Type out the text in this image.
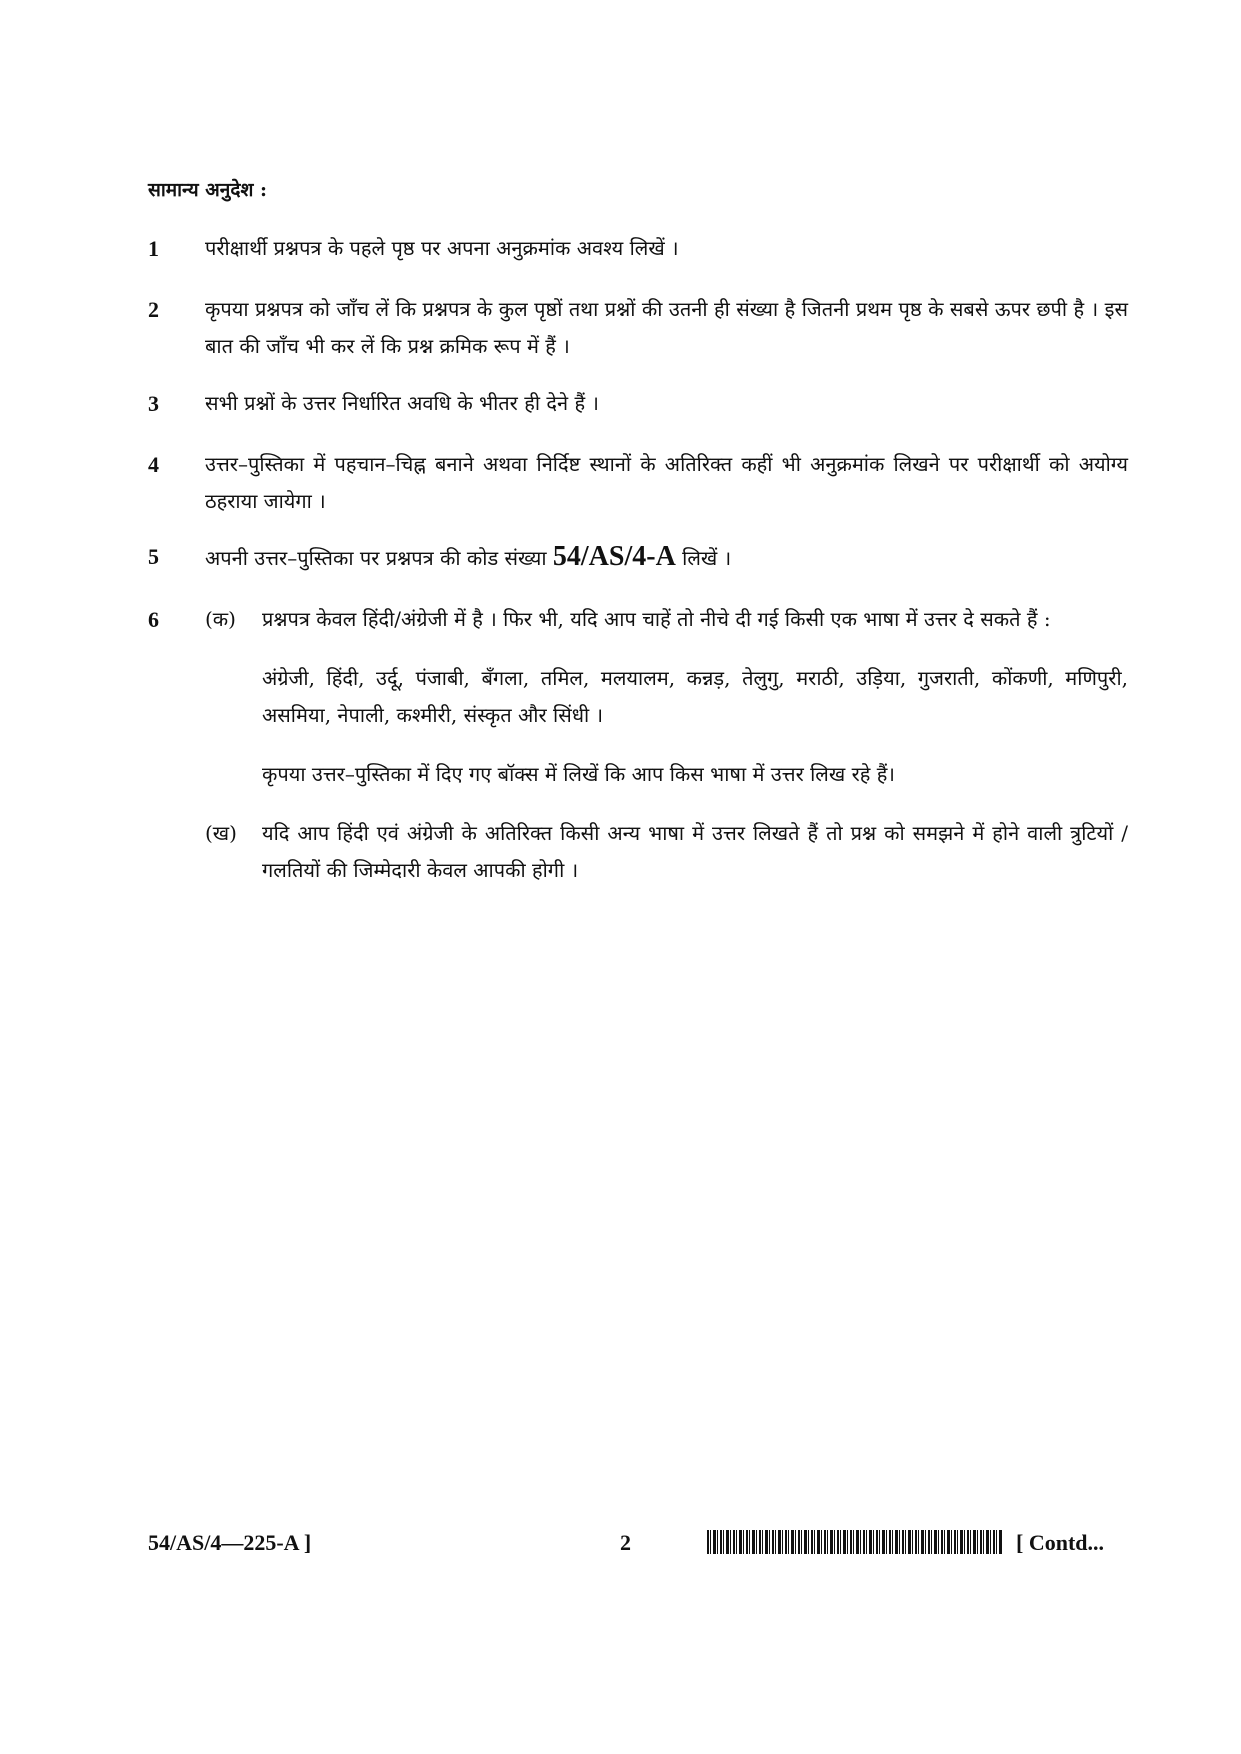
सामान्य अनुदेश :
1	परीक्षार्थी प्रश्नपत्र के पहले पृष्ठ पर अपना अनुक्रमांक अवश्य लिखें ।
2	कृपया प्रश्नपत्र को जाँच लें कि प्रश्नपत्र के कुल पृष्ठों तथा प्रश्नों की उतनी ही संख्या है जितनी प्रथम पृष्ठ के सबसे ऊपर छपी है । इस बात की जाँच भी कर लें कि प्रश्न क्रमिक रूप में हैं ।
3	सभी प्रश्नों के उत्तर निर्धारित अवधि के भीतर ही देने हैं ।
4	उत्तर–पुस्तिका में पहचान–चिह्न बनाने अथवा निर्दिष्ट स्थानों के अतिरिक्त कहीं भी अनुक्रमांक लिखने पर परीक्षार्थी को अयोग्य ठहराया जायेगा ।
5	अपनी उत्तर–पुस्तिका पर प्रश्नपत्र की कोड संख्या 54/AS/4-A लिखें ।
6	(क) प्रश्नपत्र केवल हिंदी/अंग्रेजी में है । फिर भी, यदि आप चाहें तो नीचे दी गई किसी एक भाषा में उत्तर दे सकते हैं :
अंग्रेजी, हिंदी, उर्दू, पंजाबी, बँगला, तमिल, मलयालम, कन्नड़, तेलुगु, मराठी, उड़िया, गुजराती, कोंकणी, मणिपुरी, असमिया, नेपाली, कश्मीरी, संस्कृत और सिंधी ।
कृपया उत्तर–पुस्तिका में दिए गए बॉक्स में लिखें कि आप किस भाषा में उत्तर लिख रहे हैं।
(ख) यदि आप हिंदी एवं अंग्रेजी के अतिरिक्त किसी अन्य भाषा में उत्तर लिखते हैं तो प्रश्न को समझने में होने वाली त्रुटियों / गलतियों की जिम्मेदारी केवल आपकी होगी ।
54/AS/4—225-A ]	2	[ Contd...
